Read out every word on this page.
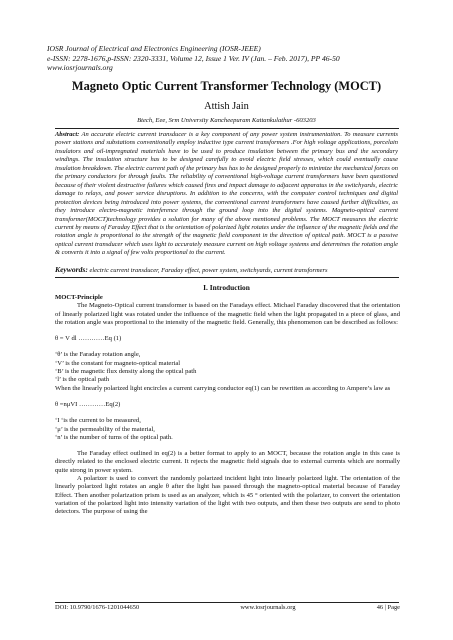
IOSR Journal of Electrical and Electronics Engineering (IOSR-JEEE)
e-ISSN: 2278-1676,p-ISSN: 2320-3331, Volume 12, Issue 1 Ver. IV (Jan. – Feb. 2017), PP 46-50
www.iosrjournals.org
Magneto Optic Current Transformer Technology (MOCT)
Attish Jain
Btech, Eee, Srm University Kancheepuram Kattankulathur -603203
Abstract: An accurate electric current transducer is a key component of any power system instrumentation. To measure currents power stations and substations conventionally employ inductive type current transformers .For high voltage applications, porcelain insulators and oil-impregnated materials have to be used to produce insulation between the primary bus and the secondary windings. The insulation structure has to be designed carefully to avoid electric field stresses, which could eventually cause insulation breakdown. The electric current path of the primary bus has to be designed properly to minimize the mechanical forces on the primary conductors for through faults. The reliability of conventional high-voltage current transformers have been questioned because of their violent destructive failures which caused fires and impact damage to adjacent apparatus in the switchyards, electric damage to relays, and power service disruptions. In addition to the concerns, with the computer control techniques and digital protection devices being introduced into power systems, the conventional current transformers have caused further difficulties, as they introduce electro-magnetic interference through the ground loop into the digital systems. Magneto-optical current transformer(MOCT)technology provides a solution for many of the above mentioned problems. The MOCT measures the electric current by means of Faraday Effect that is the orientation of polarized light rotates under the influence of the magnetic fields and the rotation angle is proportional to the strength of the magnetic field component in the direction of optical path. MOCT is a passive optical current transducer which uses light to accurately measure current on high voltage systems and determines the rotation angle & converts it into a signal of few volts proportional to the current.
Keywords: electric current transducer, Faraday effect, power system, switchyards, current transformers
I. Introduction

MOCT-Principle

The Magneto-Optical current transformer is based on the Faradays effect. Michael Faraday discovered that the orientation of linearly polarized light was rotated under the influence of the magnetic field when the light propagated in a piece of glass, and the rotation angle was proportional to the intensity of the magnetic field. Generally, this phenomenon can be described as follows:

θ = V dl …………Eq (1)

‘θ’ is the Faraday rotation angle,

‘V’ is the constant for magneto-optical material

‘B’ is the magnetic flux density along the optical path

‘l’ is the optical path

When the linearly polarized light encircles a current carrying conductor eq(1) can be rewritten as according to Ampere’s law as

θ =nμVI …………Eq(2)

‘I ‘is the current to be measured,

‘μ’ is the permeability of the material,

‘n’ is the number of turns of the optical path.

The Faraday effect outlined in eq(2) is a better format to apply to an MOCT, because the rotation angle in this case is directly related to the enclosed electric current. It rejects the magnetic field signals due to external currents which are normally quite strong in power system.

A polarizer is used to convert the randomly polarized incident light into linearly polarized light. The orientation of the linearly polarized light rotates an angle θ after the light has passed through the magneto-optical material because of Faraday Effect. Then another polarization prism is used as an analyzer, which is 45 ° oriented with the polarizer, to convert the orientation variation of the polarized light into intensity variation of the light with two outputs, and then these two outputs are send to photo detectors. The purpose of using the

DOI: 10.9790/1676-1201044650	www.iosrjournals.org	46 | Page
